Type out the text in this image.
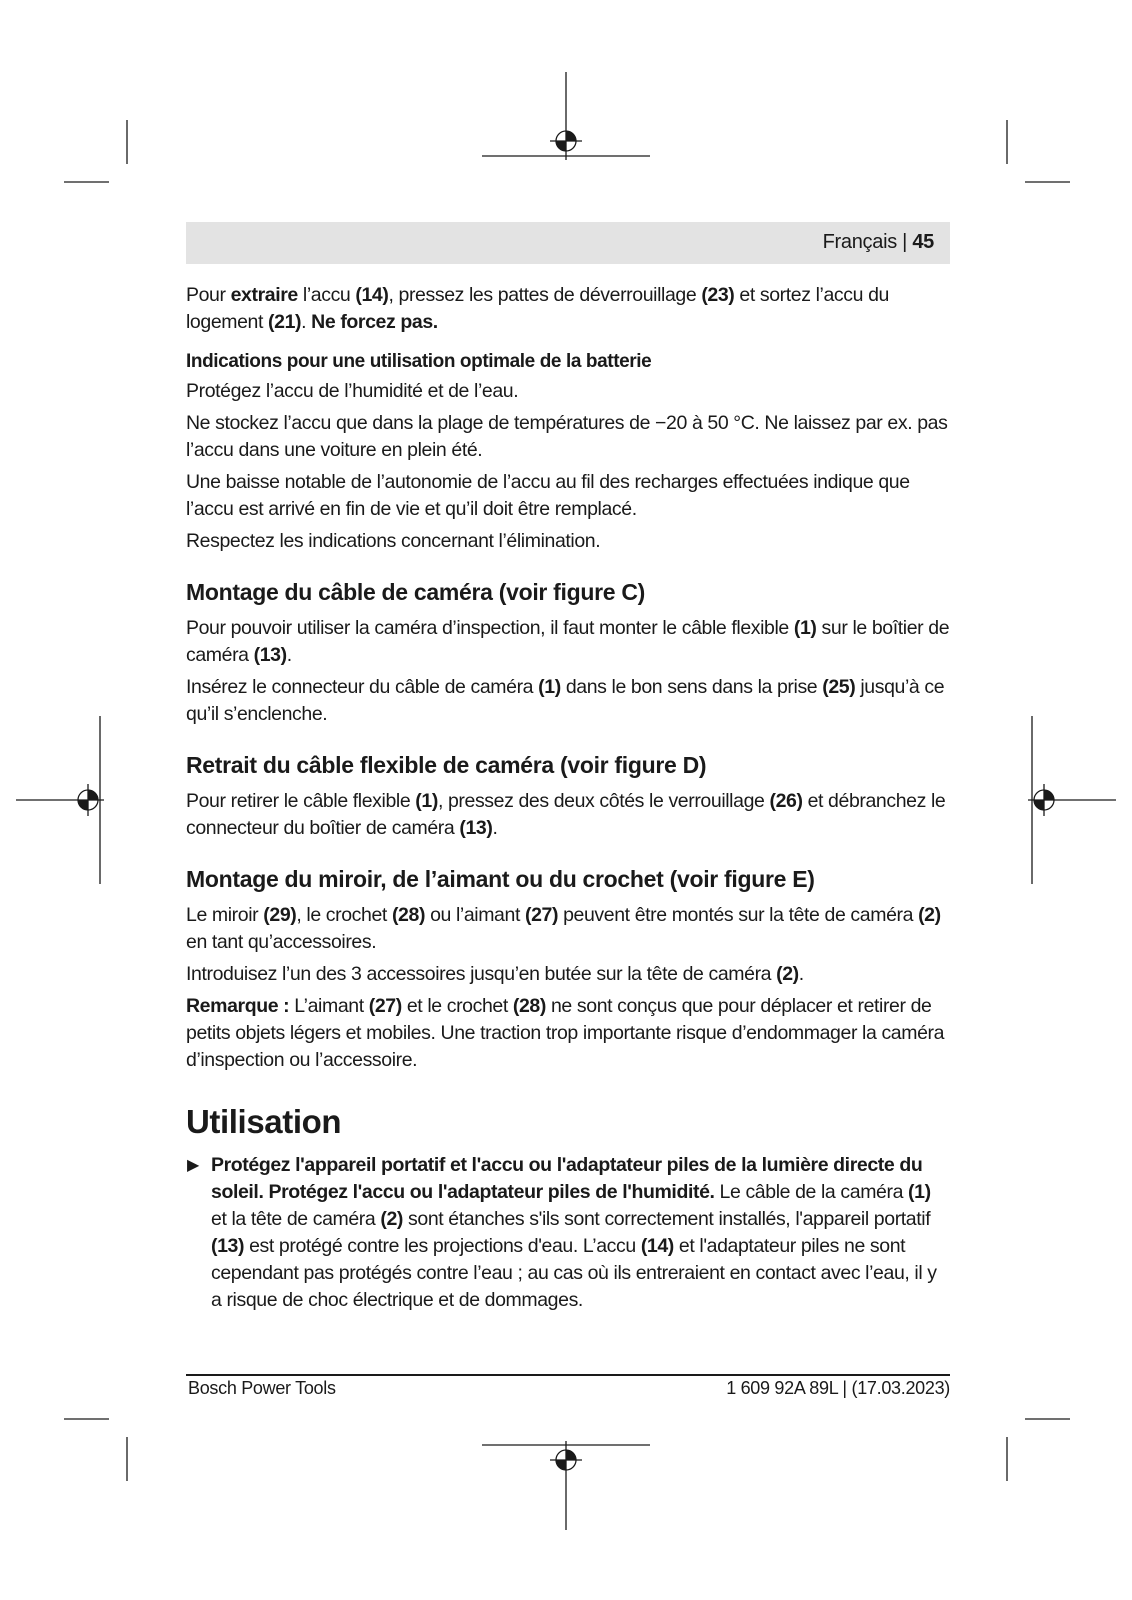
Français | 45

Pour extraire l’accu (14), pressez les pattes de déverrouillage (23) et sortez l’accu du logement (21). Ne forcez pas.

Indications pour une utilisation optimale de la batterie

Protégez l’accu de l’humidité et de l’eau.

Ne stockez l’accu que dans la plage de températures de −20 à 50 °C. Ne laissez par ex. pas l’accu dans une voiture en plein été.

Une baisse notable de l’autonomie de l’accu au fil des recharges effectuées indique que l’accu est arrivé en fin de vie et qu’il doit être remplacé.

Respectez les indications concernant l’élimination.

Montage du câble de caméra (voir figure C)

Pour pouvoir utiliser la caméra d’inspection, il faut monter le câble flexible (1) sur le boîtier de caméra (13).

Insérez le connecteur du câble de caméra (1) dans le bon sens dans la prise (25) jusqu’à ce qu’il s’enclenche.

Retrait du câble flexible de caméra (voir figure D)

Pour retirer le câble flexible (1), pressez des deux côtés le verrouillage (26) et débranchez le connecteur du boîtier de caméra (13).

Montage du miroir, de l’aimant ou du crochet (voir figure E)

Le miroir (29), le crochet (28) ou l’aimant (27) peuvent être montés sur la tête de caméra (2) en tant qu’accessoires.

Introduisez l’un des 3 accessoires jusqu’en butée sur la tête de caméra (2).

Remarque : L’aimant (27) et le crochet (28) ne sont conçus que pour déplacer et retirer de petits objets légers et mobiles. Une traction trop importante risque d’endommager la caméra d’inspection ou l’accessoire.

Utilisation

▶ Protégez l'appareil portatif et l'accu ou l'adaptateur piles de la lumière directe du soleil. Protégez l'accu ou l'adaptateur piles de l'humidité. Le câble de la caméra (1) et la tête de caméra (2) sont étanches s'ils sont correctement installés, l'appareil portatif (13) est protégé contre les projections d'eau. L’accu (14) et l'adaptateur piles ne sont cependant pas protégés contre l’eau ; au cas où ils entreraient en contact avec l’eau, il y a risque de choc électrique et de dommages.

Bosch Power Tools	1 609 92A 89L | (17.03.2023)
